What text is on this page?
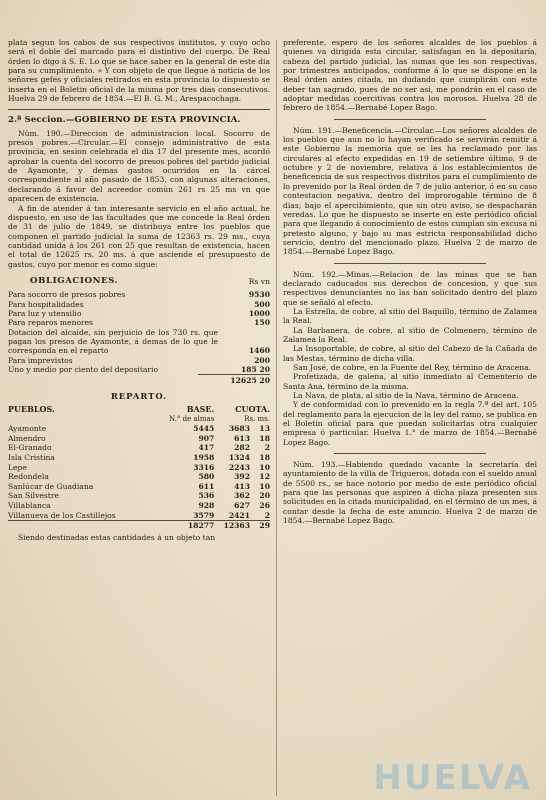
plata segun los cabos de sus respectivos institutos, y cuyo ocho será el doble del marcado para el distintivo del cuerpo. De Real órden lo digo á S. E. Lo que se hace saber en la general de este dia para su cumplimiento. » Y con objeto de que llegue á noticia de los señores gefes y oficiales retirados en esta provincia lo dispuesto se inserta en el Boletin oficial de la misma por tres dias consecutivos. Huelva 29 de febrero de 1854.—El B. G. M., Arespacochaga.

2.ª Seccion.—GOBIERNO DE ESTA PROVINCIA.

Núm. 190.—Direccion de administracion local. Socorro de presos pobres.—Circular.—El consejo administrativo de esta provincia, en sesion celebrada el dia 17 del presente mes, acordó aprobar la cuenta del socorro de presos pobres del partido judicial de Ayamonte, y demas gastos ocurridos en la cárcel correspondiente al año pasado de 1853, con algunas alteraciones, declarando á favor del acreedor común 261 rs 25 ms vn que aparecen de existencia.

A fin de atender á tan interesante servicio en el año actual, he dispuesto, en uso de las facultades que me concede la Real órden de 31 de julio de 1849, se distribuya entre los pueblos que componen el partido judicial la suma de 12363 rs. 29 ms., cuya cantidad unida á los 261 con 25 que resultan de existencia, hacen el total de 12625 rs. 20 ms. á que asciende el presupuesto de gastos, cuyo por menor es como sigue:

OBLIGACIONES.	Rs vn
Para socorro de presos pobres	9530
Para hospitalidades	500
Para luz y utensilio	1000
Para reparos menores	150
Dotacion del alcaide, sin perjuicio de los 730 rs. que pagan los presos de Ayamonte, á demas de lo que le corresponda en el reparto	1460
Para imprevistos	200
Uno y medio por ciento del depositario	185 20
12625 20
REPARTO.
PUEBLOS.	BASE.	CUOTA.	
	N.° de almas	Rs. ms.	
Ayamonte	5445	3683	13
Almendro	907	613	18
El-Granado	417	282	2
Isla Cristina	1958	1324	18
Lepe	3316	2243	10
Redondela	580	392	12
Sanlúcar de Guadiana	611	413	10
San Silvestre	536	362	20
Villablanca	928	627	26
Villanueva de los Castillejos	3579	2421	2
	18277	12363	29

Siendo destinadas estas cantidades á un objeto tan

preferente, espero de los señores alcaldes de los pueblos á quienes va dirigida esta circular, satisfagan en la depositaría, cabeza del partido judicial, las sumas que les son respectivas, por trimestres anticipados, conforme á lo que se dispone en la Real órden antes citada, no dudando que cumplirán con este deber tan sagrado, pues de no ser asi, me pondrán en el caso de adoptar medidas coercitivas contra los morosos. Huelva 28 de febrero de 1854.—Bernabé Lopez Bago.

Núm. 191.—Beneficencia.—Circular.—Los señores alcaldes de los pueblos que aun no lo hayan verificado se servirán remitir á este Gobierno la memoria que se les ha reclamado por las circulares al efecto expedidas en 19 de setiembre último, 9 de octubre y 2 de noviembre, relativa á los establecimientos de beneficencia de sus respectivos distritos para el cumplimiento de lo prevenido por la Real órden de 7 de julio anterior, ó en su caso contestacion negativa, dentro del improrogable término de 8 dias; bajo el apercibimiento, que sin otro aviso, se despacharán veredas. Lo que he dispuesto se inserte en este periódico oficial para que llegando á conocimiento de estos cumplan sin excusa ni pretesto alguno, y bajo su mas estricta responsabilidad dicho servicio, dentro del mencionado plazo. Huelva 2 de marzo de 1854.—Bernabé Lopez Bago.

Núm. 192.—Minas.—Relacion de las minas que se han declarado caducados sus derechos de concesion, y que sus respectivos denunciantes no las han solicitado dentro del plazo que se señaló al efecto.

La Estrella, de cobre, al sitio del Baquillo, término de Zalamea la Real.

La Barbanera, de cobre, al sitio de Colmenero, término de Zalamea la Real.

La Insoportable, de cobre, al sitio del Cabezo de la Cañada de las Mestas, término de dicha villa.

San José, de cobre, en la Fuente del Rey, término de Aracena.

Profetizada, de galena, al sitio inmediato al Cementerio de Santa Ana, término de la misma.

La Nava, de plata, al sitio de la Nava, término de Aracena.

Y de conformidad con lo prevenido en la regla 7.ª del art. 105 del reglamento para la ejecucion de la ley del ramo, se publica en el Boletin oficial para que puedan solicitarlas otra cualquier empresa ó particular. Huelva 1.° de marzo de 1854.—Bernabé Lopez Bago.

Núm. 193.—Habiendo quedado vacante la secretaría del ayuntamiento de la villa de Trigueros, dotada con el sueldo anual de 5500 rs., se hace notorio por medio de este periódico oficial para que las personas que aspiren á dicha plaza presenten sus solicitudes en la citada municipalidad, en el término de un mes, á contar desde la fecha de este anuncio. Huelva 2 de marzo de 1854.—Bernabé Lopez Bago.

HUELVA
